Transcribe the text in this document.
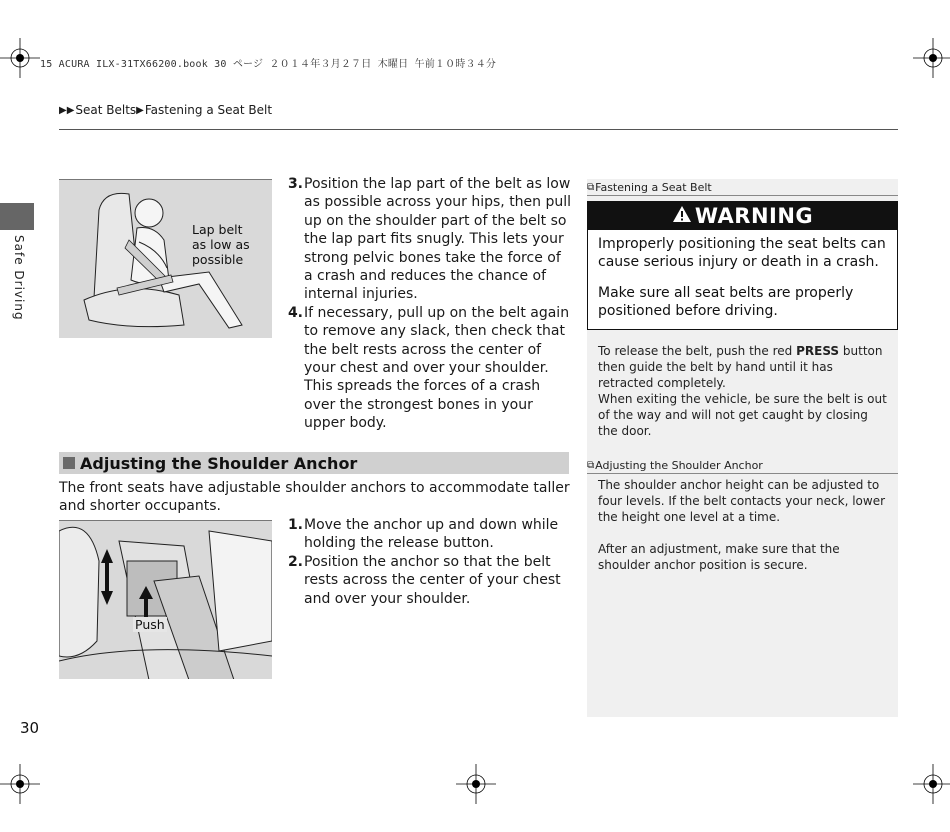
15 ACURA ILX-31TX66200.book 30 ページ ２０１４年３月２７日 木曜日 午前１０時３４分
▶▶ Seat Belts ▶ Fastening a Seat Belt
Safe Driving
Lap belt
as low as
possible
3. Position the lap part of the belt as low as possible across your hips, then pull up on the shoulder part of the belt so the lap part fits snugly. This lets your strong pelvic bones take the force of a crash and reduces the chance of internal injuries.
4. If necessary, pull up on the belt again to remove any slack, then check that the belt rests across the center of your chest and over your shoulder. This spreads the forces of a crash over the strongest bones in your upper body.
Adjusting the Shoulder Anchor
The front seats have adjustable shoulder anchors to accommodate taller and shorter occupants.
Push
1. Move the anchor up and down while holding the release button.
2. Position the anchor so that the belt rests across the center of your chest and over your shoulder.
⧉ Fastening a Seat Belt
WARNING

Improperly positioning the seat belts can cause serious injury or death in a crash.

Make sure all seat belts are properly positioned before driving.

To release the belt, push the red PRESS button then guide the belt by hand until it has retracted completely.

When exiting the vehicle, be sure the belt is out of the way and will not get caught by closing the door.

⧉ Adjusting the Shoulder Anchor

The shoulder anchor height can be adjusted to four levels. If the belt contacts your neck, lower the height one level at a time.

After an adjustment, make sure that the shoulder anchor position is secure.

30
